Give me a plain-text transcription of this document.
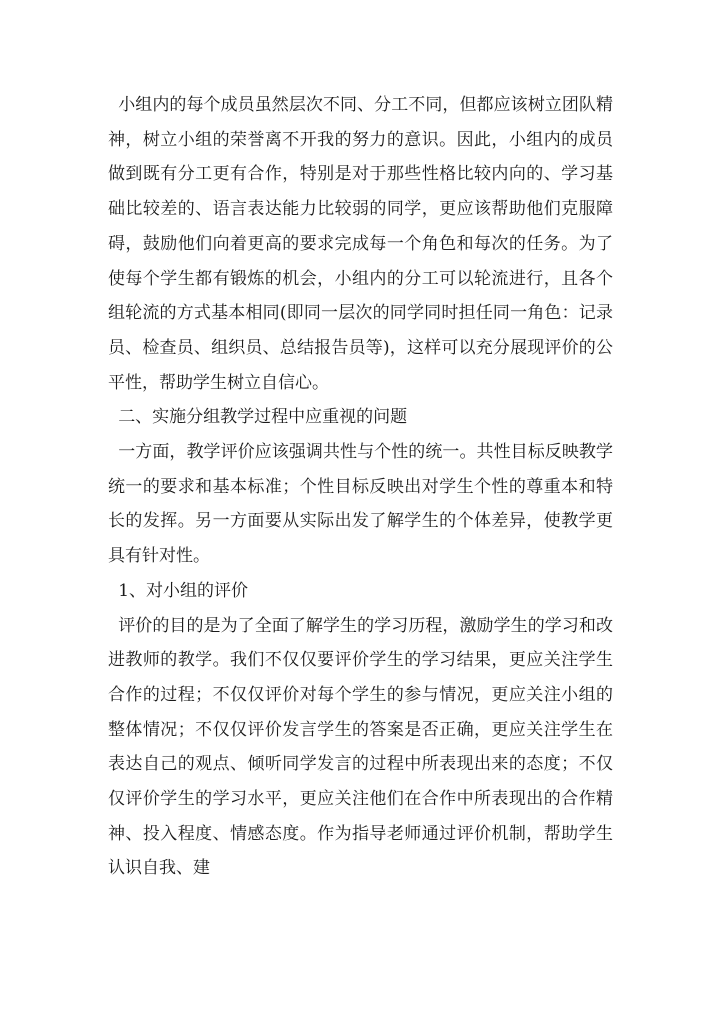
小组内的每个成员虽然层次不同、分工不同，但都应该树立团队精神，树立小组的荣誉离不开我的努力的意识。因此，小组内的成员做到既有分工更有合作，特别是对于那些性格比较内向的、学习基础比较差的、语言表达能力比较弱的同学，更应该帮助他们克服障碍，鼓励他们向着更高的要求完成每一个角色和每次的任务。为了使每个学生都有锻炼的机会，小组内的分工可以轮流进行，且各个组轮流的方式基本相同(即同一层次的同学同时担任同一角色：记录员、检查员、组织员、总结报告员等)，这样可以充分展现评价的公平性，帮助学生树立自信心。

二、实施分组教学过程中应重视的问题

一方面，教学评价应该强调共性与个性的统一。共性目标反映教学统一的要求和基本标准；个性目标反映出对学生个性的尊重本和特长的发挥。另一方面要从实际出发了解学生的个体差异，使教学更具有针对性。

1、对小组的评价

评价的目的是为了全面了解学生的学习历程，激励学生的学习和改进教师的教学。我们不仅仅要评价学生的学习结果，更应关注学生合作的过程；不仅仅评价对每个学生的参与情况，更应关注小组的整体情况；不仅仅评价发言学生的答案是否正确，更应关注学生在表达自己的观点、倾听同学发言的过程中所表现出来的态度；不仅仅评价学生的学习水平，更应关注他们在合作中所表现出的合作精神、投入程度、情感态度。作为指导老师通过评价机制，帮助学生认识自我、建
